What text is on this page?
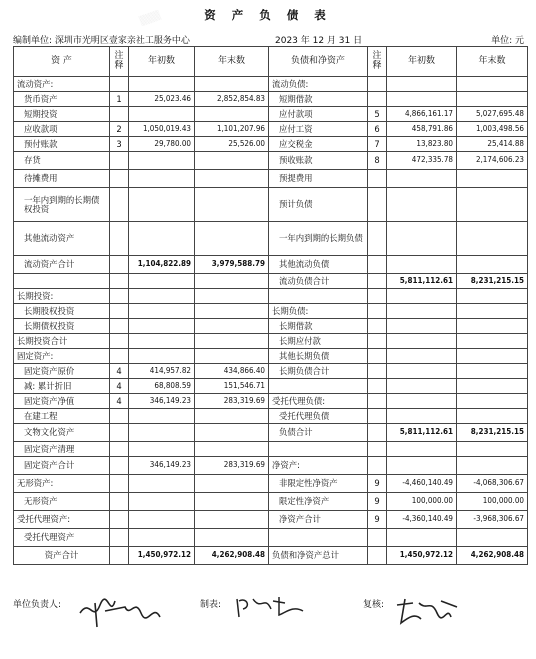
资 产 负 债 表
编制单位: 深圳市光明区壹家亲社工服务中心	2023 年 12 月 31 日	单位: 元
资 产	注释	年初数	年末数	负债和净资产	注释	年初数	年末数
流动资产:				流动负债:			
货币资产	1	25,023.46	2,852,854.83	短期借款			
短期投资				应付款项	5	4,866,161.17	5,027,695.48
应收款项	2	1,050,019.43	1,101,207.96	应付工资	6	458,791.86	1,003,498.56
预付账款	3	29,780.00	25,526.00	应交税金	7	13,823.80	25,414.88
存货				预收账款	8	472,335.78	2,174,606.23
待摊费用				预提费用			
一年内到期的长期债权投资				预计负债			
其他流动资产				一年内到期的长期负债			
流动资产合计		1,104,822.89	3,979,588.79	其他流动负债			
				流动负债合计		5,811,112.61	8,231,215.15
长期投资:							
长期股权投资				长期负债:			
长期债权投资				长期借款			
长期投资合计				长期应付款			
固定资产:				其他长期负债			
固定资产原价	4	414,957.82	434,866.40	长期负债合计			
减: 累计折旧	4	68,808.59	151,546.71				
固定资产净值	4	346,149.23	283,319.69	受托代理负债:			
在建工程				受托代理负债			
文物文化资产				负债合计		5,811,112.61	8,231,215.15
固定资产清理							
固定资产合计		346,149.23	283,319.69	净资产:			
无形资产:				非限定性净资产	9	-4,460,140.49	-4,068,306.67
无形资产				限定性净资产	9	100,000.00	100,000.00
受托代理资产:				净资产合计	9	-4,360,140.49	-3,968,306.67
受托代理资产							
资产合计		1,450,972.12	4,262,908.48	负债和净资产总计		1,450,972.12	4,262,908.48
单位负责人:	制表:	复核:
▒▒▒
